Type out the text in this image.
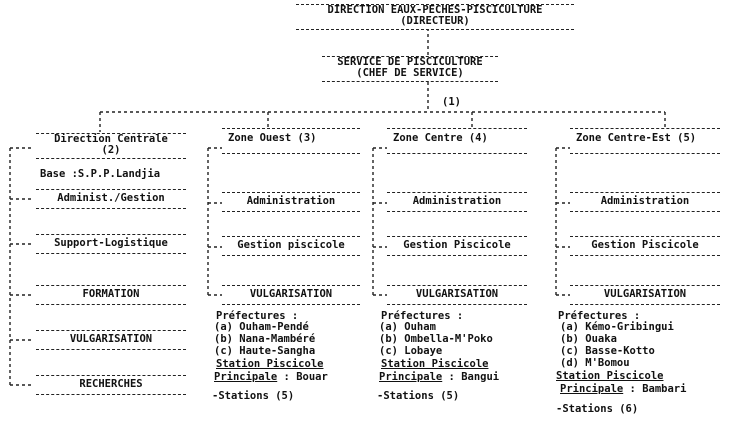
DIRECTION EAUX-PECHES-PISCICULTURE
(DIRECTEUR)
SERVICE DE PISCICULTURE
(CHEF DE SERVICE)
(1)
Direction Centrale
(2)
Base :S.P.P.Landjia
Administ./Gestion
Support-Logistique
FORMATION
VULGARISATION
RECHERCHES
Zone Ouest (3)
Administration
Gestion piscicole
VULGARISATION
Préfectures :
(a) Ouham-Pendé
(b) Nana-Mambéré
(c) Haute-Sangha
Station Piscicole
Principale : Bouar
-Stations (5)
Zone Centre (4)
Administration
Gestion Piscicole
VULGARISATION
Préfectures :
(a) Ouham
(b) Ombella-M'Poko
(c) Lobaye
Station Piscicole
Principale : Bangui
-Stations (5)
Zone Centre-Est (5)
Administration
Gestion Piscicole
VULGARISATION
Préfectures :
(a) Kémo-Gribingui
(b) Ouaka
(c) Basse-Kotto
(d) M'Bomou
Station Piscicole
Principale : Bambari
-Stations (6)
